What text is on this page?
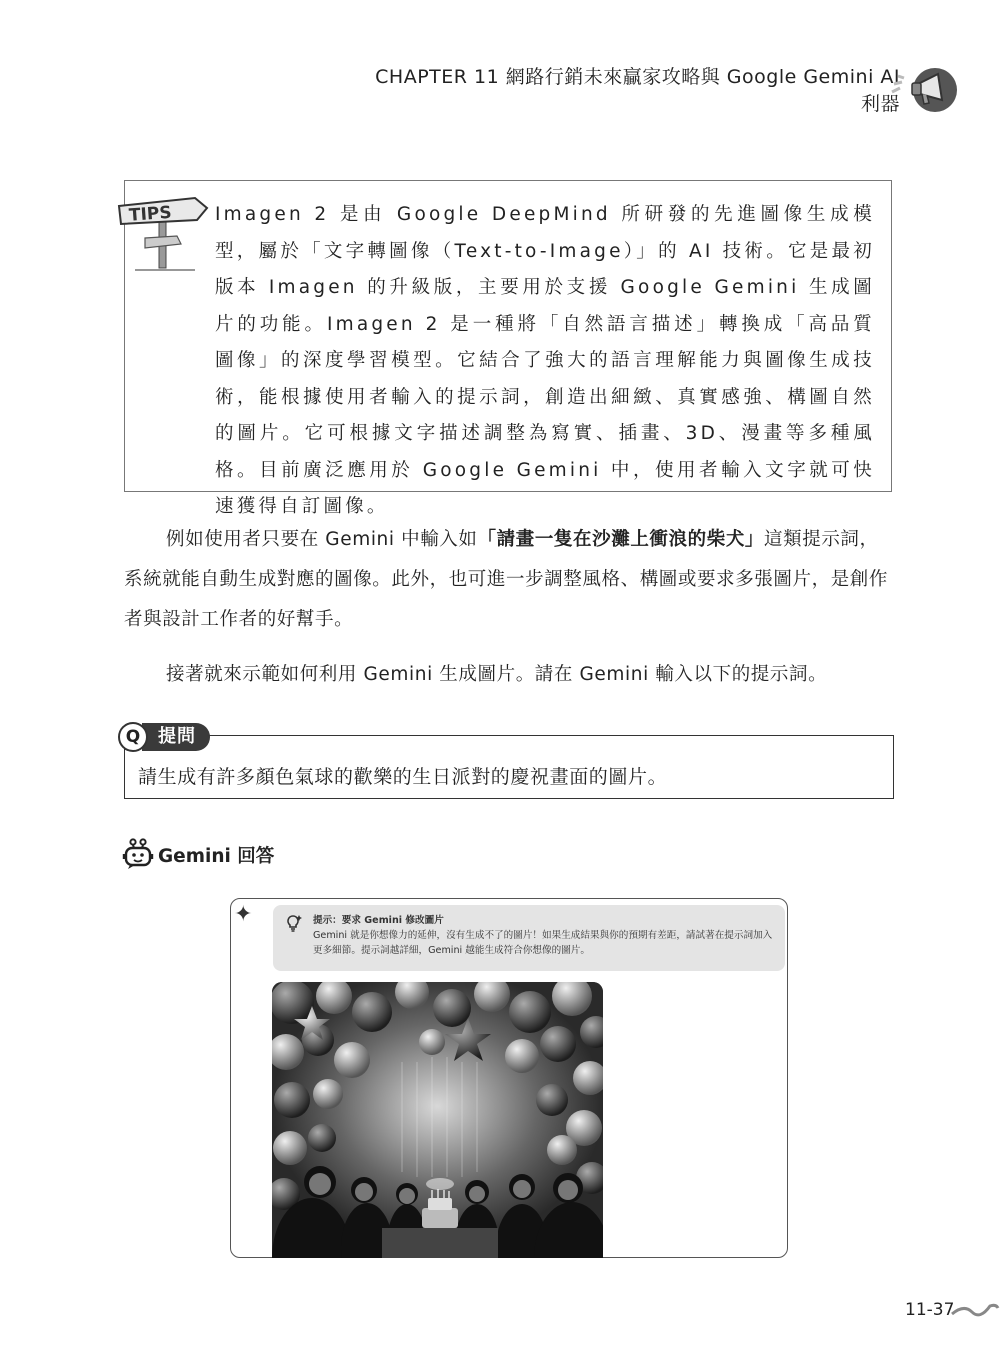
CHAPTER 11 網路行銷未來贏家攻略與 Google Gemini AI 利器
TIPS Imagen 2 是由 Google DeepMind 所研發的先進圖像生成模型，屬於「文字轉圖像（Text-to-Image）」的 AI 技術。它是最初版本 Imagen 的升級版，主要用於支援 Google Gemini 生成圖片的功能。Imagen 2 是一種將「自然語言描述」轉換成「高品質圖像」的深度學習模型。它結合了強大的語言理解能力與圖像生成技術，能根據使用者輸入的提示詞，創造出細緻、真實感強、構圖自然的圖片。它可根據文字描述調整為寫實、插畫、3D、漫畫等多種風格。目前廣泛應用於 Google Gemini 中，使用者輸入文字就可快速獲得自訂圖像。
例如使用者只要在 Gemini 中輸入如「請畫一隻在沙灘上衝浪的柴犬」這類提示詞，系統就能自動生成對應的圖像。此外，也可進一步調整風格、構圖或要求多張圖片，是創作者與設計工作者的好幫手。
接著就來示範如何利用 Gemini 生成圖片。請在 Gemini 輸入以下的提示詞。
Q 提問
請生成有許多顏色氣球的歡樂的生日派對的慶祝畫面的圖片。
Gemini 回答
✦	提示：要求 Gemini 修改圖片
Gemini 就是你想像力的延伸，沒有生成不了的圖片！如果生成結果與你的預期有差距，請試著在提示詞加入更多細節。提示詞越詳細，Gemini 越能生成符合你想像的圖片。
11-37
